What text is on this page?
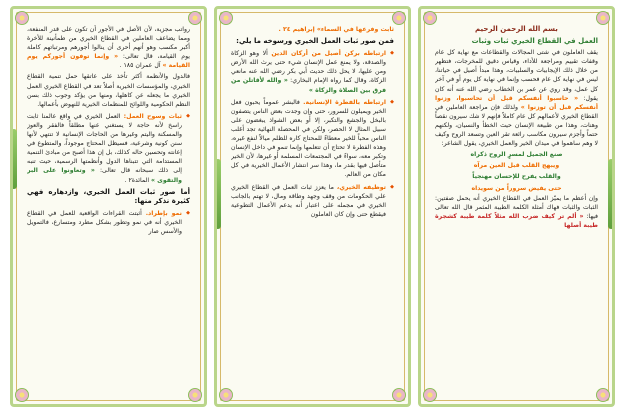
رواتب مجزية، لأن الأصل في الأجور أن تكون على قدر المنفعة، ومما يضاعف العاملين في القطاع الخيري من طمأنينة للأخرة أكبر مكسب وهو أنهم أحرى أن ينالوا أجورهم ومرتباتهم كاملة يوم القيامة، قال تعالى: « وإنما توفون أجوركم يوم القيامة » آل عمران ١٨٥ .

فالدول والأنظمة أكثر تأخذ على عاتقها حمل تنمية القطاع الخيري، والمؤسسات الخيرية أصلاً تعد في القطاع الخيري العمل الخيري ما يجعله عن كاهلها، ومنها من يؤكد وجوب ذلك بسن النظم الحكومية واللوائح للمنظمات الخيرية للنهوض بأعمالها.

◆ ثبات وسوح العمل: العمل الخيري في واقع عالمنا ثابت راسخ لأنه حاجة لا يستغني عنها مطلقاً فالفقر والعوز والمسكنة واليتم وغيرها من الحاجات الإنسانية لا تنتهي لأنها سنن كونية وشرعية، فسيظل المحتاج موجوداً، والمتطوع في إعانته وتحسين حاله كذلك، بل إن هذا أصبح من مبادئ التنمية المستدامة التي تتبناها الدول وأنظمتها الرسمية، حيث تنبه إلى ذلك سبحانه قال تعالى: « وتعاونوا على البر والتقوى » المائدة٢ .
أما صور ثبات العمل الخيري، وازدهاره فهي كثيرة نذكر منها:
◆ نمو بإطراد. أثبتت القراءات الواقعية للعمل في القطاع الخيري أنه في نمو وتطور بشكل مطرد ومتسارع، فالتمويل والأسس صار

ثابت وفرعها في السماء» إبراهيم ٢٤ .

فمن صور ثبات العمل الخيري ورسوخه ما يلي:
◆ ارتباطه بركن أصيل من أركان الدين ألا وهو الزكاة والصدقة، ولا يمنع عمل الإنسان شيء حتى يرث الله الأرض ومن عليها، لا يحل ذلك حديث أبي بكر رضي الله عنه مانعي الزكاة، وقال كما رواه الإمام البخاري: « والله لأقاتلن من فرق بين الصلاة والزكاة »
◆ ارتباطه بالفطرة الإنسانية. فالبشر عموماً يحبون فعل الخير ويميلون للسرور، حتى وإن وجدت بعض الناس يتصفون بالبخل والجشع والتكبر، إلا أو بعض الشواذ يبغضون على سبيل المثال لا الحصر، ولكن في المحصلة النهائية تجد أغلب الناس محباً للخير معطاءً للمحتاج كاره للظلم ميالاً لنفع غيره، وهذه الفطرة لا تحتاج أن تتعلمها وإنما تنمو في داخل الإنسان وتكبر معه، سواءً في المجتمعات المسلمة أو غيرها، لأن الخير متأصل فيها بقدر ما، وهذا سر انتشار الأعمال الخيرية في كل مكان من العالم.
◆ توظيفه الخيري، ما يعزز ثبات العمل في القطاع الخيري علي الحكومات من وقف وجهد وطاقة ومال، لا تهتم بالجانب الخيري في مجمله على اعتبار أنه يدعم الأعمال التطوعية فيقطع حتى وإن كان العاملون
بسم الله الرحمن الرحيم
العمل في القطاع الخيري ثبات وثبات

يقف العاملون في شتى المجالات والقطاعات مع نهاية كل عام وقفات تقييم ومراجعة للأداء، وقياس دقيق للمخرجات، فتظهر من خلال ذلك الإيجابيات والسلبيات، وهذا مبدأ أصيل في حياتنا، ليس في نهاية كل عام فحسب وإنما في نهاية كل يوم أو في آخر كل عمل، وقد روي عن عمر بن الخطاب رضي الله عنه أنه كان يقول: « حاسبوا أنفسكم قبل أن تحاسبوا، وزنوا أنفسكم قبل أن توزنوا » ولذلك فإن مراجعة العاملين في القطاع الخيري لأعمالهم كل عام كاملاً فإنهم لا شك سيرون نقصاً وهنات، وهذا من طبيعة الإنسان حيث الخطأ والنسيان، ولكنهم حتماً وأجزم سيرون مكاسب رائعة تقر العين وتسعد الروح وكيف لا وهم ساهموا في ميدان الخير والعمل الخيري، يقول الشاعر:

صنع الجميل لمسرٍ الروح ذكراه
ويبهج القلب قبل العين مرآه
والقلب يفرح للإحسان مهنجياً
حتى يفيض سروراً من سويداه

وإن أعظم ما يميّز العمل في القطاع الخيري أنه يحمل صفتين: الثبات والثبات فهاك أمثلة الكلمة الطيبة المثمر قال الله تعالى فيها: « ألم تر كيف ضرب الله مثلاً كلمة طيبة كشجرة طيبة أصلها
